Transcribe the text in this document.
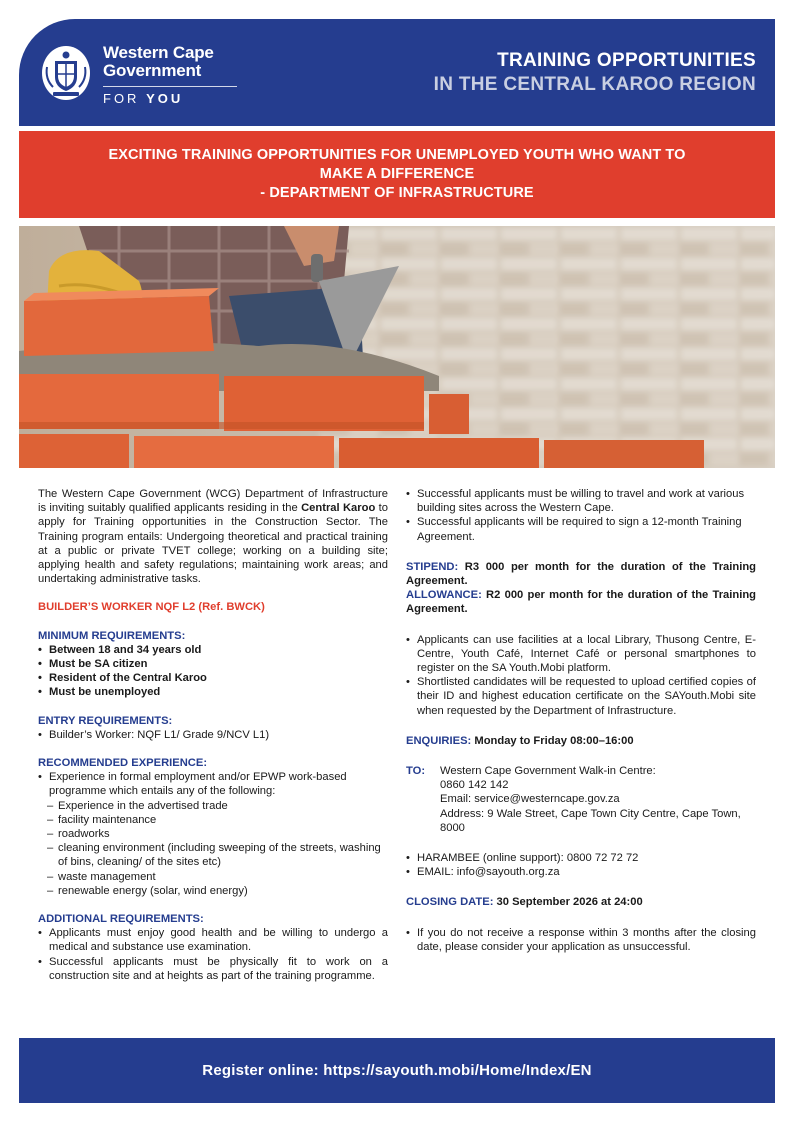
Western Cape
Government
FOR YOU
TRAINING OPPORTUNITIES
IN THE CENTRAL KAROO REGION
EXCITING TRAINING OPPORTUNITIES FOR UNEMPLOYED YOUTH WHO WANT TO
MAKE A DIFFERENCE
- DEPARTMENT OF INFRASTRUCTURE

The Western Cape Government (WCG) Department of Infrastructure is inviting suitably qualified applicants residing in the Central Karoo to apply for Training opportunities in the Construction Sector. The Training program entails: Undergoing theoretical and practical training at a public or private TVET college; working on a building site; applying health and safety regulations; maintaining work areas; and undertaking administrative tasks.

BUILDER’S WORKER NQF L2 (Ref. BWCK)
MINIMUM REQUIREMENTS:
• Between 18 and 34 years old
• Must be SA citizen
• Resident of the Central Karoo
• Must be unemployed
ENTRY REQUIREMENTS:
• Builder’s Worker: NQF L1/ Grade 9/NCV L1)
RECOMMENDED EXPERIENCE:
• Experience in formal employment and/or EPWP work-based programme which entails any of the following:
– Experience in the advertised trade
– facility maintenance
– roadworks
– cleaning environment (including sweeping of the streets, washing of bins, cleaning/ of the sites etc)
– waste management
– renewable energy (solar, wind energy)
ADDITIONAL REQUIREMENTS:
• Applicants must enjoy good health and be willing to undergo a medical and substance use examination.
• Successful applicants must be physically fit to work on a construction site and at heights as part of the training programme.
• Successful applicants must be willing to travel and work at various building sites across the Western Cape.
• Successful applicants will be required to sign a 12-month Training Agreement.

STIPEND: R3 000 per month for the duration of the Training Agreement.

ALLOWANCE: R2 000 per month for the duration of the Training Agreement.

• Applicants can use facilities at a local Library, Thusong Centre, E-Centre, Youth Café, Internet Café or personal smartphones to register on the SA Youth.Mobi platform.
• Shortlisted candidates will be requested to upload certified copies of their ID and highest education certificate on the SAYouth.Mobi site when requested by the Department of Infrastructure.

ENQUIRIES: Monday to Friday 08:00–16:00

TO:	Western Cape Government Walk-in Centre:
0860 142 142
Email: service@westerncape.gov.za
Address: 9 Wale Street, Cape Town City Centre, Cape Town, 8000
• HARAMBEE (online support): 0800 72 72 72
• EMAIL: info@sayouth.org.za

CLOSING DATE: 30 September 2026 at 24:00

• If you do not receive a response within 3 months after the closing date, please consider your application as unsuccessful.
Register online: https://sayouth.mobi/Home/Index/EN
